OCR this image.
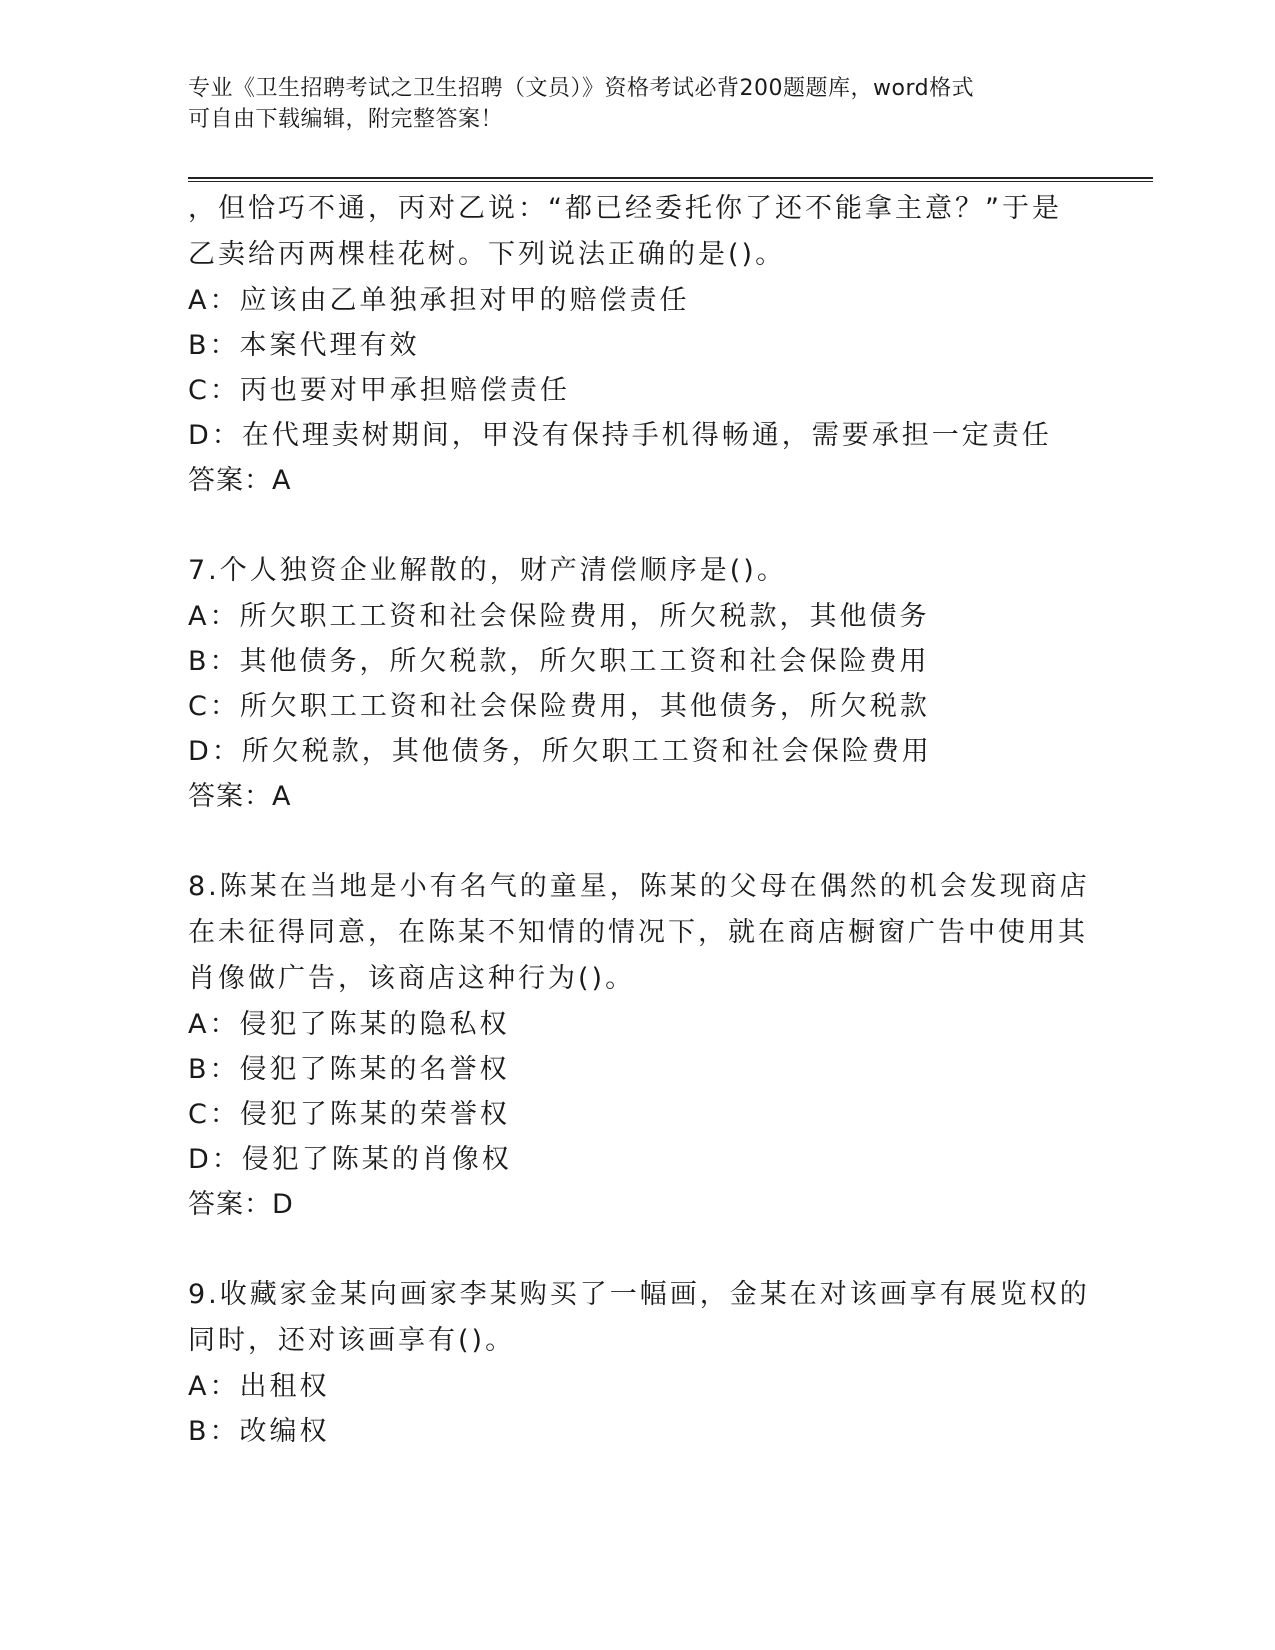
专业《卫生招聘考试之卫生招聘（文员）》资格考试必背200题题库，word格式
可自由下载编辑，附完整答案！
，但恰巧不通，丙对乙说：“都已经委托你了还不能拿主意？”于是
乙卖给丙两棵桂花树。下列说法正确的是()。
A：应该由乙单独承担对甲的赔偿责任
B：本案代理有效
C：丙也要对甲承担赔偿责任
D：在代理卖树期间，甲没有保持手机得畅通，需要承担一定责任
答案：A
7.个人独资企业解散的，财产清偿顺序是()。
A：所欠职工工资和社会保险费用，所欠税款，其他债务
B：其他债务，所欠税款，所欠职工工资和社会保险费用
C：所欠职工工资和社会保险费用，其他债务，所欠税款
D：所欠税款，其他债务，所欠职工工资和社会保险费用
答案：A
8.陈某在当地是小有名气的童星，陈某的父母在偶然的机会发现商店
在未征得同意，在陈某不知情的情况下，就在商店橱窗广告中使用其
肖像做广告，该商店这种行为()。
A：侵犯了陈某的隐私权
B：侵犯了陈某的名誉权
C：侵犯了陈某的荣誉权
D：侵犯了陈某的肖像权
答案：D
9.收藏家金某向画家李某购买了一幅画，金某在对该画享有展览权的
同时，还对该画享有()。
A：出租权
B：改编权
